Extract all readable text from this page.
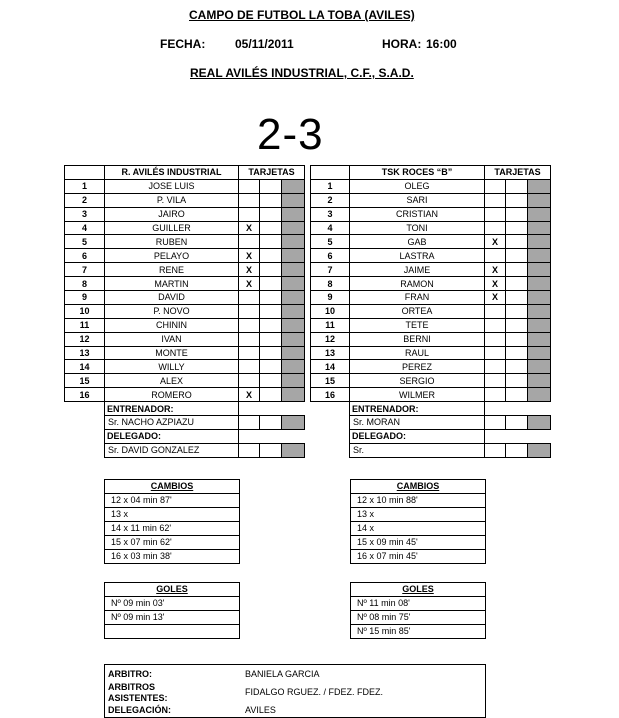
CAMPO DE FUTBOL LA TOBA (AVILES)
FECHA: 05/11/2011	HORA: 16:00
REAL AVILÉS INDUSTRIAL, C.F., S.A.D.
2-3
	R. AVILÉS INDUSTRIAL	TARJETAS		
1	JOSE LUIS			
2	P. VILA			
3	JAIRO			
4	GUILLER	X		
5	RUBEN			
6	PELAYO	X		
7	RENE	X		
8	MARTIN	X		
9	DAVID			
10	P. NOVO			
11	CHININ			
12	IVAN			
13	MONTE			
14	WILLY			
15	ALEX			
16	ROMERO	X		
	ENTRENADOR:			
	Sr. NACHO AZPIAZU			
	DELEGADO:			
	Sr. DAVID GONZALEZ			
	TSK ROCES “B”	TARJETAS		
1	OLEG			
2	SARI			
3	CRISTIAN			
4	TONI			
5	GAB	X		
6	LASTRA			
7	JAIME	X		
8	RAMON	X		
9	FRAN	X		
10	ORTEA			
11	TETE			
12	BERNI			
13	RAUL			
14	PEREZ			
15	SERGIO			
16	WILMER			
	ENTRENADOR:			
	Sr. MORAN			
	DELEGADO:			
	Sr.			
CAMBIOS
12 x 04 min 87'
13 x
14 x 11 min 62'
15 x 07 min 62'
16 x 03 min 38'
CAMBIOS
12 x 10 min 88'
13 x
14 x
15 x 09 min 45'
16 x 07 min 45'
GOLES
Nº 09 min 03'
Nº 09 min 13'
GOLES
Nº 11 min 08'
Nº 08 min 75'
Nº 15 min 85'
ARBITRO:	BANIELA GARCIA
ARBITROS ASISTENTES:
FIDALGO RGUEZ. / FDEZ. FDEZ.
DELEGACIÓN:	AVILES
